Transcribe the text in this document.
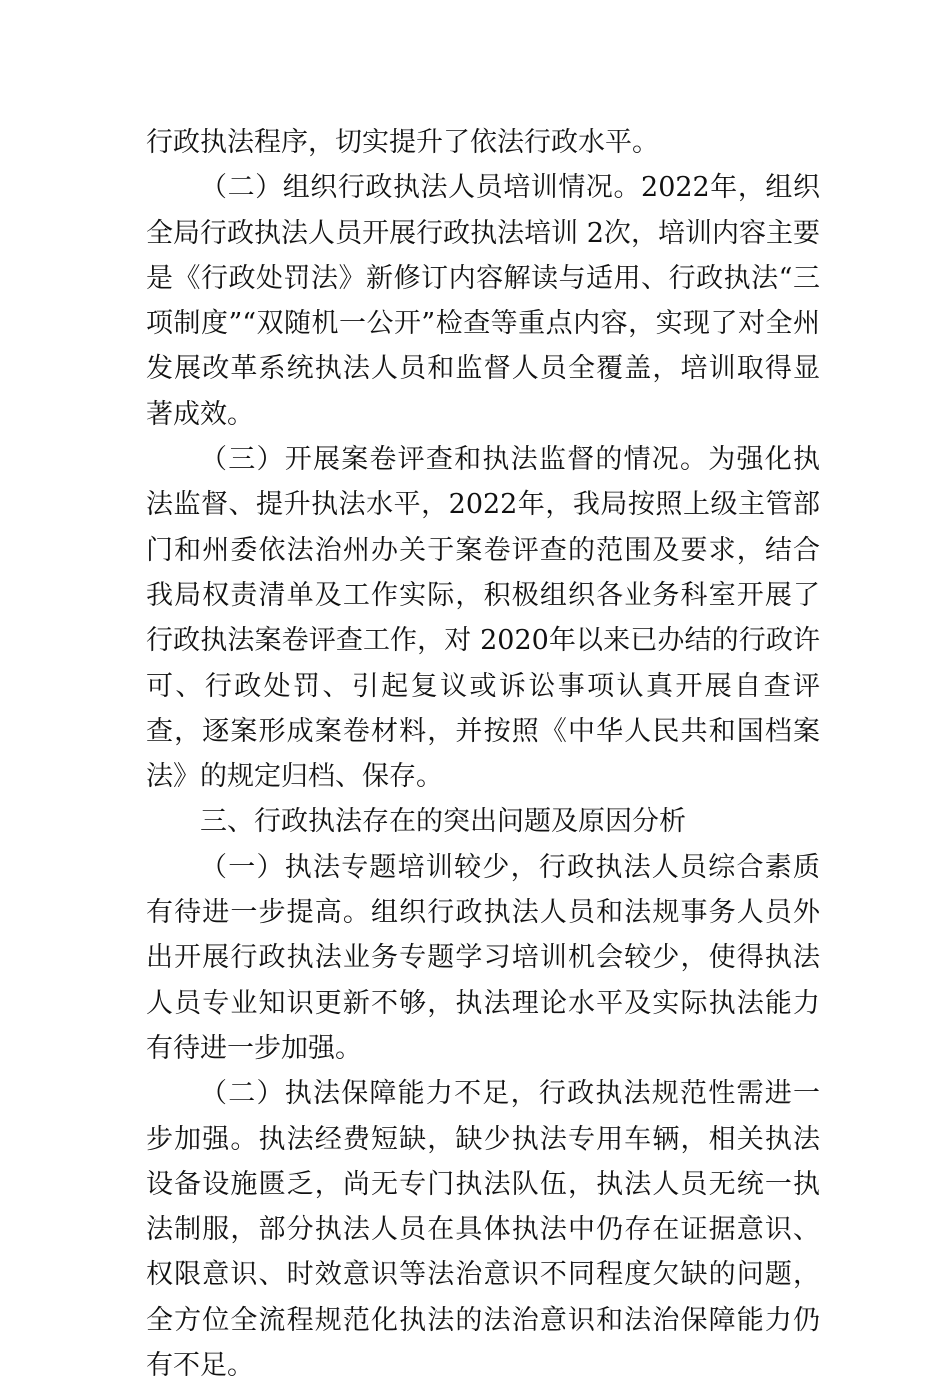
行政执法程序，切实提升了依法行政水平。

（二）组织行政执法人员培训情况。2022年，组织全局行政执法人员开展行政执法培训 2次，培训内容主要是《行政处罚法》新修订内容解读与适用、行政执法“三项制度”“双随机一公开”检查等重点内容，实现了对全州发展改革系统执法人员和监督人员全覆盖，培训取得显著成效。

（三）开展案卷评查和执法监督的情况。为强化执法监督、提升执法水平，2022年，我局按照上级主管部门和州委依法治州办关于案卷评查的范围及要求，结合我局权责清单及工作实际，积极组织各业务科室开展了行政执法案卷评查工作，对 2020年以来已办结的行政许可、行政处罚、引起复议或诉讼事项认真开展自查评查，逐案形成案卷材料，并按照《中华人民共和国档案法》的规定归档、保存。

三、行政执法存在的突出问题及原因分析

（一）执法专题培训较少，行政执法人员综合素质有待进一步提高。组织行政执法人员和法规事务人员外出开展行政执法业务专题学习培训机会较少，使得执法人员专业知识更新不够，执法理论水平及实际执法能力有待进一步加强。

（二）执法保障能力不足，行政执法规范性需进一步加强。执法经费短缺，缺少执法专用车辆，相关执法设备设施匮乏，尚无专门执法队伍，执法人员无统一执法制服，部分执法人员在具体执法中仍存在证据意识、权限意识、时效意识等法治意识不同程度欠缺的问题，全方位全流程规范化执法的法治意识和法治保障能力仍有不足。
